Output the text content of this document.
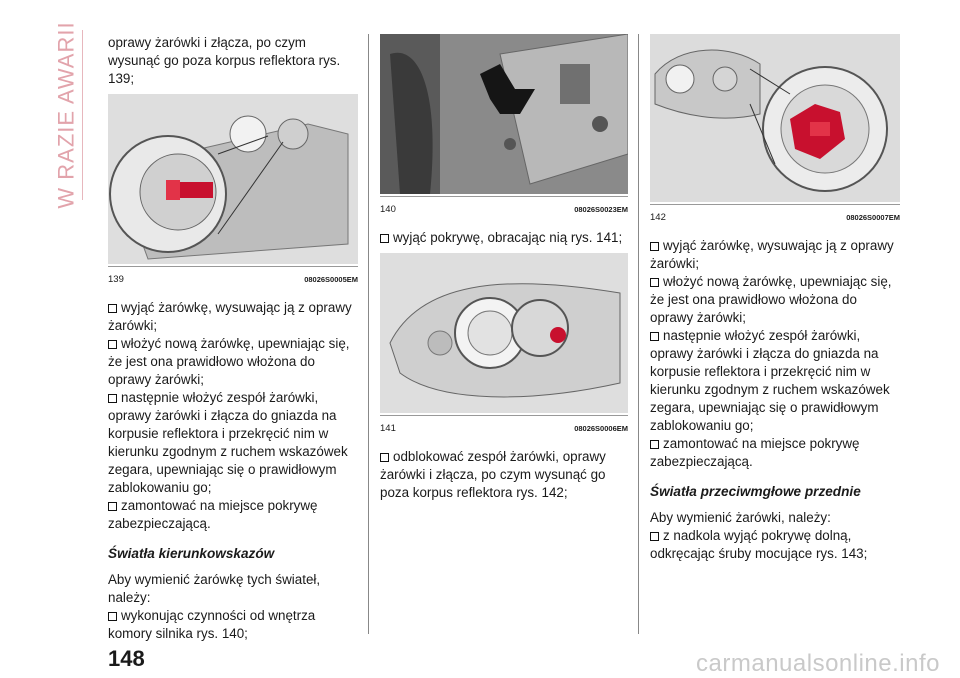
W RAZIE AWARII oprawy żarówki i złącza, po czym wysunąć go poza korpus reflektora rys. 139;

139	08026S0005EM

wyjąć żarówkę, wysuwając ją z oprawy żarówki;

włożyć nową żarówkę, upewniając się, że jest ona prawidłowo włożona do oprawy żarówki;

następnie włożyć zespół żarówki, oprawy żarówki i złącza do gniazda na korpusie reflektora i przekręcić nim w kierunku zgodnym z ruchem wskazówek zegara, upewniając się o prawidłowym zablokowaniu go;

zamontować na miejsce pokrywę zabezpieczającą.

Światła kierunkowskazów

Aby wymienić żarówkę tych świateł, należy:

wykonując czynności od wnętrza komory silnika rys. 140;

140	08026S0023EM

wyjąć pokrywę, obracając nią rys. 141;

141	08026S0006EM

odblokować zespół żarówki, oprawy żarówki i złącza, po czym wysunąć go poza korpus reflektora rys. 142;

142	08026S0007EM

wyjąć żarówkę, wysuwając ją z oprawy żarówki;

włożyć nową żarówkę, upewniając się, że jest ona prawidłowo włożona do oprawy żarówki;

następnie włożyć zespół żarówki, oprawy żarówki i złącza do gniazda na korpusie reflektora i przekręcić nim w kierunku zgodnym z ruchem wskazówek zegara, upewniając się o prawidłowym zablokowaniu go;

zamontować na miejsce pokrywę zabezpieczającą.

Światła przeciwmgłowe przednie

Aby wymienić żarówki, należy:

z nadkola wyjąć pokrywę dolną, odkręcając śruby mocujące rys. 143;

148	carmanualsonline.info
